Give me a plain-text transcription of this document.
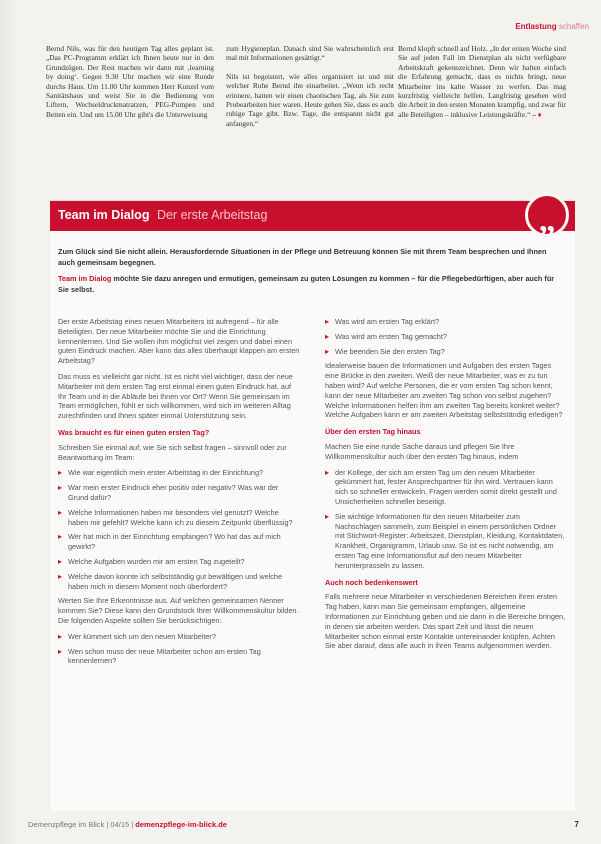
Entlastung schaffen

Bernd Nils, was für den heutigen Tag alles geplant ist. „Das PC-Programm erklärt ich Ihnen heute nur in den Grundzügen. Der Rest machen wir dann mit ‚learning by doing‘. Gegen 9.30 Uhr machen wir eine Runde durchs Haus. Um 11.00 Uhr kommen Herr Kunzel vom Sanitätshaus und weist Sie in die Bedienung von Liftern, Wechseldruckmatratzen, PEG-Pumpen und Betten ein. Und um 15.00 Uhr gibt's die Unterweisung

zum Hygieneplan. Danach sind Sie wahrscheinlich erst mal mit Informationen gesättigt.“

Nils ist begeistert, wie alles organisiert ist und mit welcher Ruhe Bernd ihn einarbeitet. „Wenn ich recht erinnere, hatten wir einen chaotischen Tag, als Sie zum Probearbeiten hier waren. Heute gehen Sie, dass es auch ruhige Tage gibt. Bzw. Tage, die entspannt nicht gut anfangen.“

Bernd klopft schnell auf Holz. „In der ersten Woche sind Sie auf jeden Fall im Dienstplan als nicht verfügbare Arbeitskraft gekennzeichnet. Denn wir halten einfach die Erfahrung gemacht, dass es nichts bringt, neue Mitarbeiter ins kalte Wasser zu werfen. Das mag kurzfristig vielleicht helfen. Langfristig gesehen wird die Arbeit in den ersten Monaten krampfig, und zwar für alle Beteiligten – inklusive Leistungskräfte.“ – ♦

Team im Dialog Der erste Arbeitstag	„

Zum Glück sind Sie nicht allein. Herausfordernde Situationen in der Pflege und Betreuung können Sie mit Ihrem Team besprechen und Ihnen auch gemeinsam begegnen.

Team im Dialog möchte Sie dazu anregen und ermutigen, gemeinsam zu guten Lösungen zu kommen – für die Pflegebedürftigen, aber auch für Sie selbst.

Der erste Arbeitstag eines neuen Mitarbeiters ist aufregend – für alle Beteiligten. Der neue Mitarbeiter möchte Sie und die Einrichtung kennenlernen. Und Sie wollen ihm möglichst viel zeigen und dabei einen guten Eindruck machen. Aber kann das alles überhaupt klappen am ersten Arbeitstag?

Das muss es vielleicht gar nicht. Ist es nicht viel wichtiger, dass der neue Mitarbeiter mit dem ersten Tag erst einmal einen guten Eindruck hat, auf Ihr Team und in die Abläufe bei Ihnen vor Ort? Wenn Sie gemeinsam im Team ermöglichen, fühlt er sich willkommen, wird sich im weiteren Alltag zurechtfinden und Ihnen später einmal Unterstützung sein.

Was braucht es für einen guten ersten Tag?

Schreiben Sie einmal auf, wie Sie sich selbst fragen – sinnvoll oder zur Beantwortung im Team:

▸ Wie war eigentlich mein erster Arbeitstag in der Einrichtung?
▸ War mein erster Eindruck eher positiv oder negativ? Was war der Grund dafür?
▸ Welche Informationen haben mir besonders viel genutzt? Welche haben mir gefehlt? Welche kann ich zu diesem Zeitpunkt überflüssig?
▸ Wer hat mich in der Einrichtung empfangen? Wo hat das auf mich gewirkt?
▸ Welche Aufgaben wurden mir am ersten Tag zugeteilt?
▸ Welche davon konnte ich selbstständig gut bewältigen und welche haben mich in diesem Moment noch überfordert?

Werten Sie Ihre Erkenntnisse aus. Auf welchen gemeinsamen Nenner kommen Sie? Diese kann den Grundstock Ihrer Willkommenskultur bilden. Die folgenden Aspekte sollten Sie berücksichtigen:

▸ Wer kümmert sich um den neuen Mitarbeiter?
▸ Wen schon muss der neue Mitarbeiter schon am ersten Tag kennenlernen?
▸ Was wird am ersten Tag erklärt?
▸ Was wird am ersten Tag gemacht?
▸ Wie beenden Sie den ersten Tag?

Idealerweise bauen die Informationen und Aufgaben des ersten Tages eine Brücke in den zweiten. Weiß der neue Mitarbeiter, was er zu tun haben wird? Auf welche Personen, die er vom ersten Tag schon kennt, kann der neue Mitarbeiter am zweiten Tag schon von selbst zugehen? Welche Informationen helfen ihm am zweiten Tag bereits konkret weiter? Welche Aufgaben kann er am zweiten Arbeitstag selbstständig erledigen?

Über den ersten Tag hinaus

Machen Sie eine runde Sache daraus und pflegen Sie Ihre Willkommenskultur auch über den ersten Tag hinaus, indem

▸ der Kollege, der sich am ersten Tag um den neuen Mitarbeiter gekümmert hat, fester Ansprechpartner für ihn wird. Vertrauen kann sich so schneller entwickeln, Fragen werden somit direkt gestellt und Unsicherheiten schneller beseitigt.
▸ Sie wichtige Informationen für den neuen Mitarbeiter zum Nachschlagen sammeln, zum Beispiel in einem persönlichen Ordner mit Stichwort-Register: Arbeitszeit, Dienstplan, Kleidung, Kontaktdaten, Krankheit, Organigramm, Urlaub usw. So ist es nicht notwendig, am ersten Tag eine Informationsflut auf den neuen Mitarbeiter herunterprasseln zu lassen.
Auch noch bedenkenswert

Falls mehrere neue Mitarbeiter in verschiedenen Bereichen ihren ersten Tag haben, kann man Sie gemeinsam empfangen, allgemeine Informationen zur Einrichtung geben und sie dann in die Bereiche bringen, in denen sie arbeiten werden. Das spart Zeit und lässt die neuen Mitarbeiter schon einmal erste Kontakte untereinander knüpfen. Achten Sie aber darauf, dass alle auch in ihren Teams aufgenommen werden.

Demenzpflege im Blick | 04/15 | demenzpflege-im-blick.de	7
